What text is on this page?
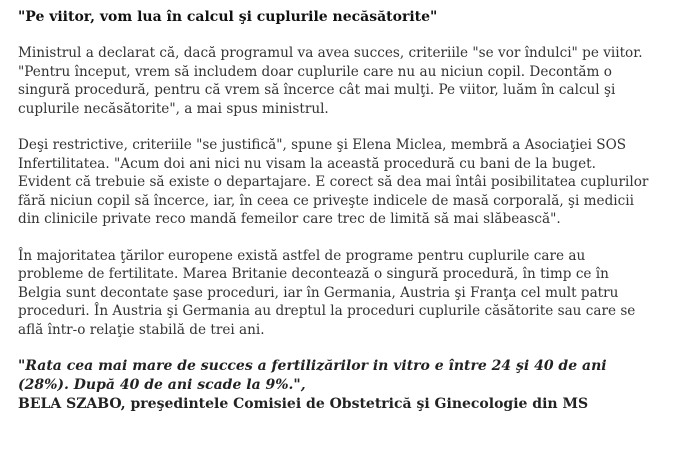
"Pe viitor, vom lua în calcul şi cuplurile necăsătorite"
Ministrul a declarat că, dacă programul va avea succes, criteriile "se vor îndulci" pe viitor.
"Pentru început, vrem să includem doar cuplurile care nu au niciun copil. Decontăm o
singură procedură, pentru că vrem să încerce cât mai mulţi. Pe viitor, luăm în calcul şi
cuplurile necăsătorite", a mai spus ministrul.
Deşi restrictive, criteriile "se justifică", spune şi Elena Miclea, membră a Asociaţiei SOS
Infertilitatea. "Acum doi ani nici nu visam la această procedură cu bani de la buget.
Evident că trebuie să existe o departajare. E corect să dea mai întâi posibilitatea cuplurilor
fără niciun copil să încerce, iar, în ceea ce priveşte indicele de masă corporală, şi medicii
din clinicile private reco mandă femeilor care trec de limită să mai slăbească".
În majoritatea ţărilor europene există astfel de programe pentru cuplurile care au
probleme de fertilitate. Marea Britanie decontează o singură procedură, în timp ce în
Belgia sunt decontate şase proceduri, iar în Germania, Austria şi Franţa cel mult patru
proceduri. În Austria şi Germania au dreptul la proceduri cuplurile căsătorite sau care se
află într-o relaţie stabilă de trei ani.
"Rata cea mai mare de succes a fertilizărilor in vitro e între 24 şi 40 de ani
(28%). După 40 de ani scade la 9%.",
BELA SZABO, preşedintele Comisiei de Obstetrică şi Ginecologie din MS
